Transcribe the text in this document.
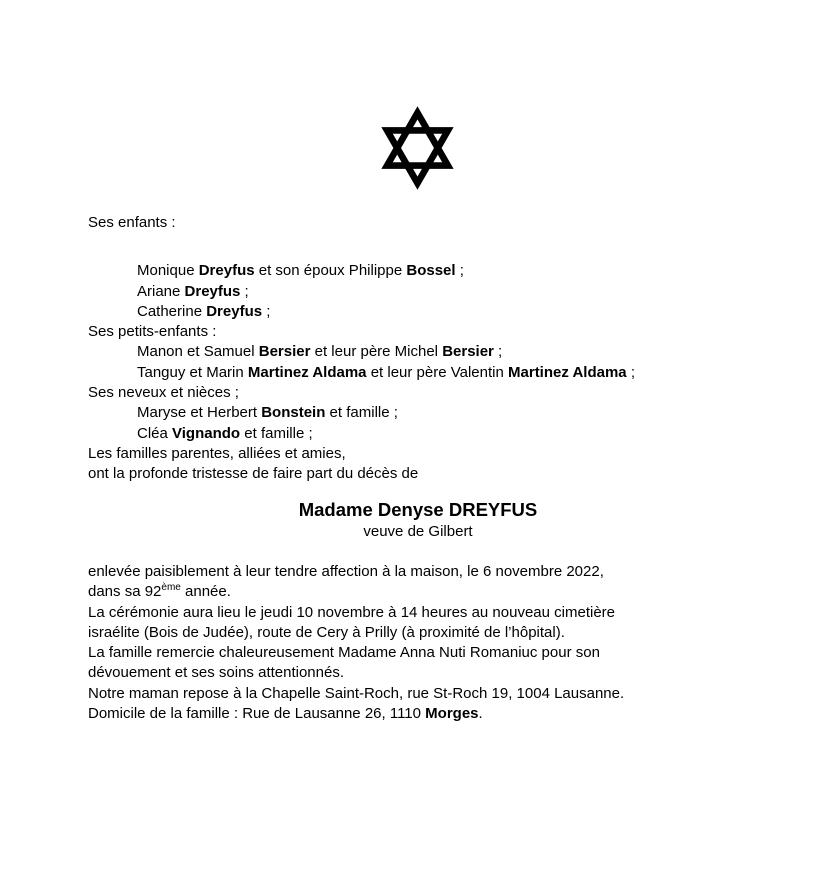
Ses enfants :
Monique Dreyfus et son époux Philippe Bossel ;
Ariane Dreyfus ;
Catherine Dreyfus ;
Ses petits-enfants :
Manon et Samuel Bersier et leur père Michel Bersier ;
Tanguy et Marin Martinez Aldama et leur père Valentin Martinez Aldama ;
Ses neveux et nièces ;
Maryse et Herbert Bonstein et famille ;
Cléa Vignando et famille ;
Les familles parentes, alliées et amies,
ont la profonde tristesse de faire part du décès de
Madame Denyse DREYFUS
veuve de Gilbert
enlevée paisiblement à leur tendre affection à la maison, le 6 novembre 2022,
dans sa 92ème année.
La cérémonie aura lieu le jeudi 10 novembre à 14 heures au nouveau cimetière
israélite (Bois de Judée), route de Cery à Prilly (à proximité de l’hôpital).
La famille remercie chaleureusement Madame Anna Nuti Romaniuc pour son
dévouement et ses soins attentionnés.
Notre maman repose à la Chapelle Saint-Roch, rue St-Roch 19, 1004 Lausanne.
Domicile de la famille : Rue de Lausanne 26, 1110 Morges.
